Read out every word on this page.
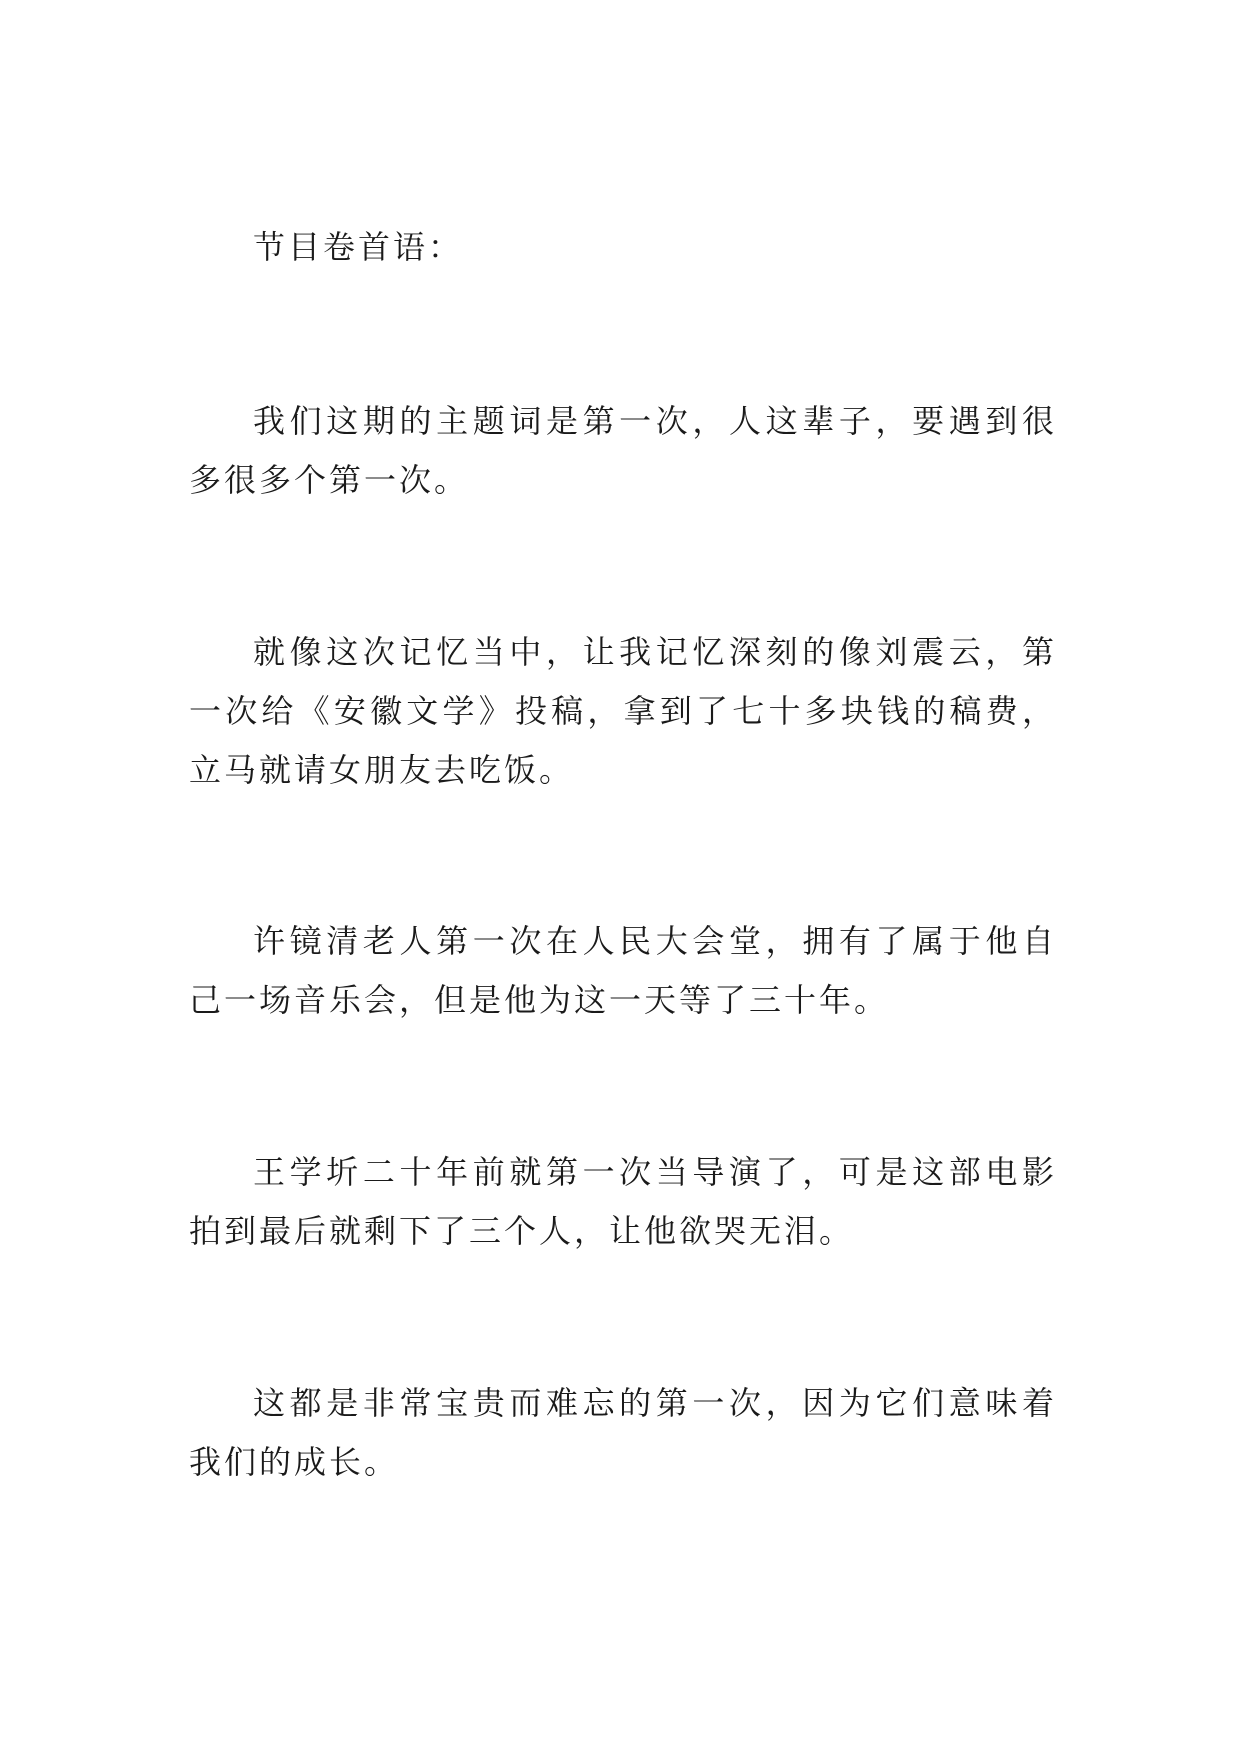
节目卷首语：

我们这期的主题词是第一次，人这辈子，要遇到很多很多个第一次。

就像这次记忆当中，让我记忆深刻的像刘震云，第一次给《安徽文学》投稿，拿到了七十多块钱的稿费，立马就请女朋友去吃饭。

许镜清老人第一次在人民大会堂，拥有了属于他自己一场音乐会，但是他为这一天等了三十年。

王学圻二十年前就第一次当导演了，可是这部电影拍到最后就剩下了三个人，让他欲哭无泪。

这都是非常宝贵而难忘的第一次，因为它们意味着我们的成长。
